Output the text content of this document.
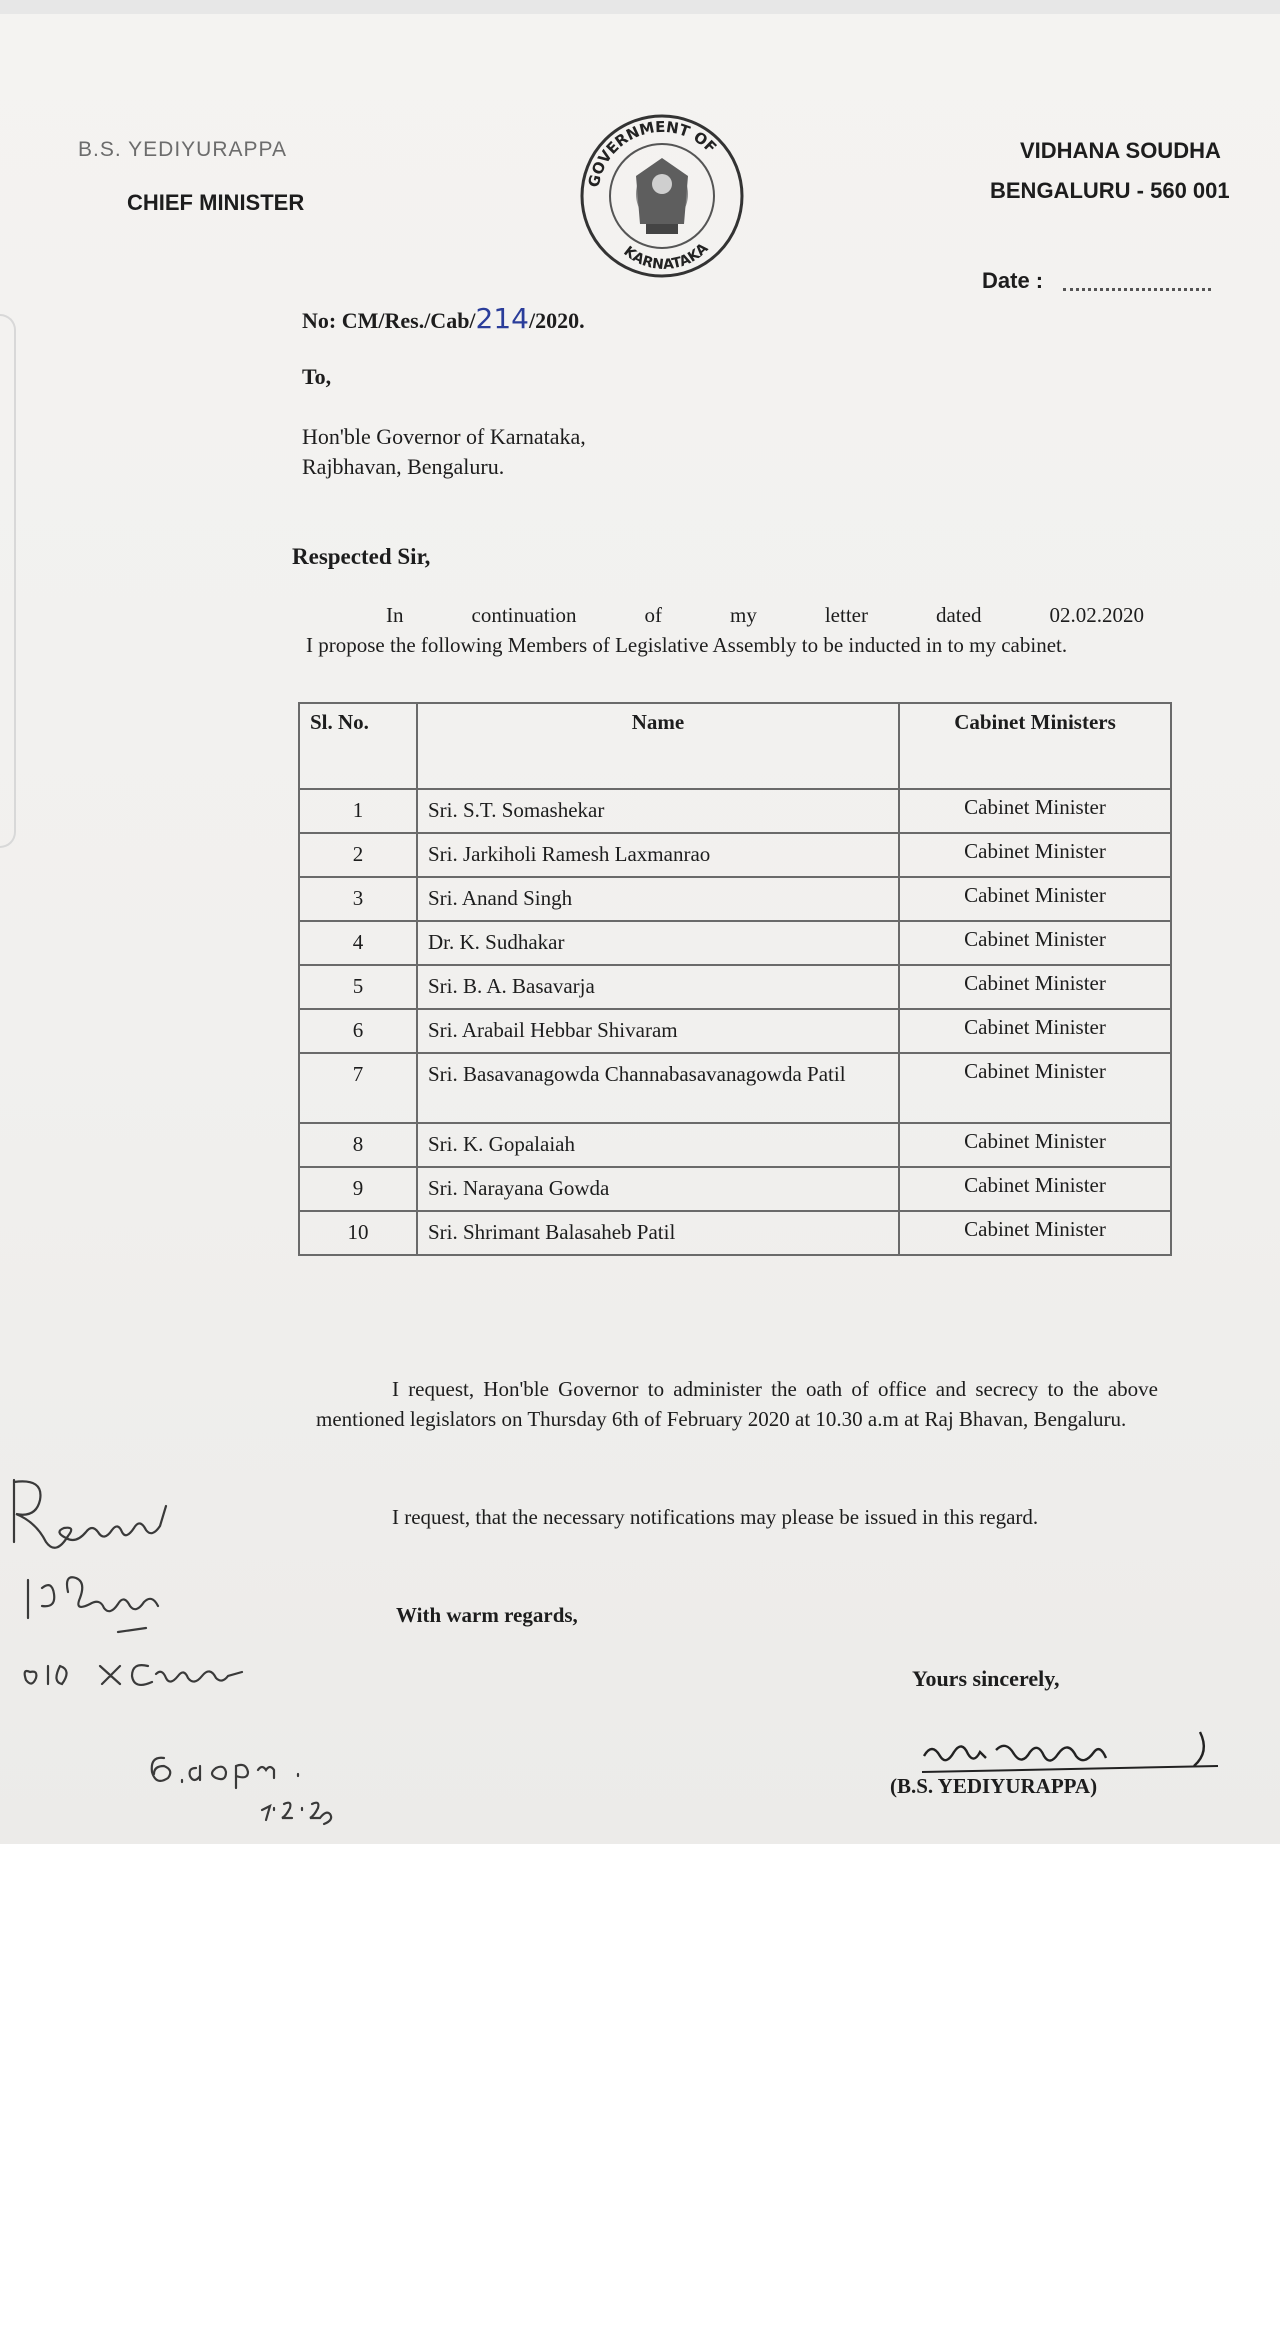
B.S. YEDIYURAPPA
CHIEF MINISTER
VIDHANA SOUDHA
BENGALURU - 560 001
Date :
GOVERNMENT OF
KARNATAKA
No: CM/Res./Cab/214/2020.
To,
Hon'ble Governor of Karnataka,
Rajbhavan, Bengaluru.
Respected Sir,
In	continuation	of	my	letter	dated	02.02.2020
I propose the following Members of Legislative Assembly to be inducted in to my cabinet.
Sl. No.	Name	Cabinet Ministers
1	Sri. S.T. Somashekar	Cabinet Minister
2	Sri. Jarkiholi Ramesh Laxmanrao	Cabinet Minister
3	Sri. Anand Singh	Cabinet Minister
4	Dr. K. Sudhakar	Cabinet Minister
5	Sri. B. A. Basavarja	Cabinet Minister
6	Sri. Arabail Hebbar Shivaram	Cabinet Minister
7	Sri. Basavanagowda Channabasavanagowda Patil	Cabinet Minister
8	Sri. K. Gopalaiah	Cabinet Minister
9	Sri. Narayana Gowda	Cabinet Minister
10	Sri. Shrimant Balasaheb Patil	Cabinet Minister
I request, Hon'ble Governor to administer the oath of office and secrecy to the above mentioned legislators on Thursday 6th of February 2020 at 10.30 a.m at Raj Bhavan, Bengaluru.
I request, that the necessary notifications may please be issued in this regard.
With warm regards,
Yours sincerely,
(B.S. YEDIYURAPPA)
